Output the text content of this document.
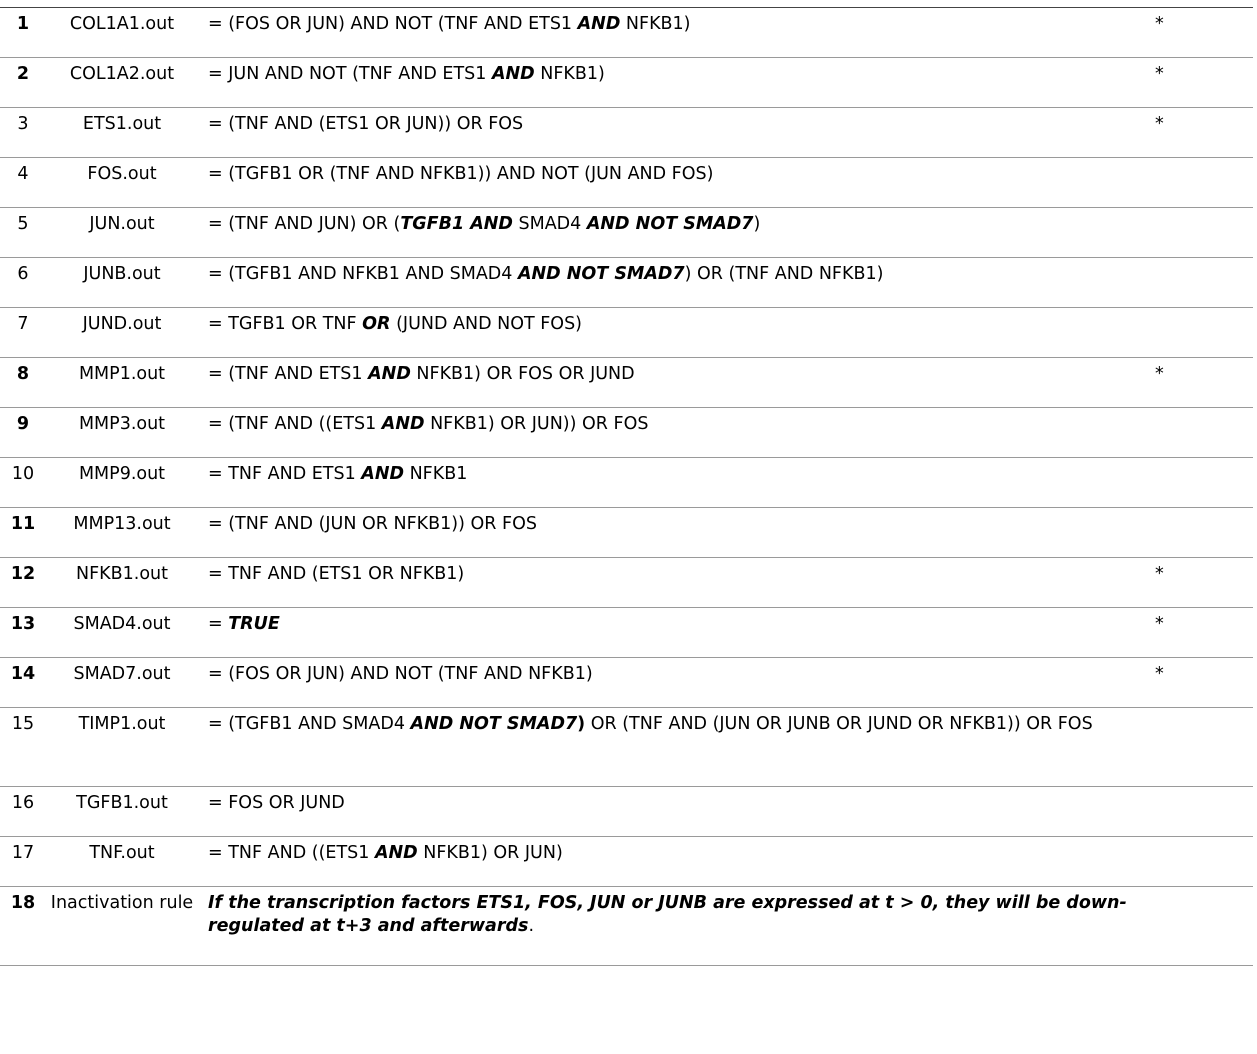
1	COL1A1.out	= (FOS OR JUN) AND NOT (TNF AND ETS1 AND NFKB1)	*
2	COL1A2.out	= JUN AND NOT (TNF AND ETS1 AND NFKB1)	*
3	ETS1.out	= (TNF AND (ETS1 OR JUN)) OR FOS	*
4	FOS.out	= (TGFB1 OR (TNF AND NFKB1)) AND NOT (JUN AND FOS)	
5	JUN.out	= (TNF AND JUN) OR (TGFB1 AND SMAD4 AND NOT SMAD7)	
6	JUNB.out	= (TGFB1 AND NFKB1 AND SMAD4 AND NOT SMAD7) OR (TNF AND NFKB1)	
7	JUND.out	= TGFB1 OR TNF OR (JUND AND NOT FOS)	
8	MMP1.out	= (TNF AND ETS1 AND NFKB1) OR FOS OR JUND	*
9	MMP3.out	= (TNF AND ((ETS1 AND NFKB1) OR JUN)) OR FOS	
10	MMP9.out	= TNF AND ETS1 AND NFKB1	
11	MMP13.out	= (TNF AND (JUN OR NFKB1)) OR FOS	
12	NFKB1.out	= TNF AND (ETS1 OR NFKB1)	*
13	SMAD4.out	= TRUE	*
14	SMAD7.out	= (FOS OR JUN) AND NOT (TNF AND NFKB1)	*
15	TIMP1.out	= (TGFB1 AND SMAD4 AND NOT SMAD7) OR (TNF AND (JUN OR JUNB OR JUND OR NFKB1)) OR FOS	
16	TGFB1.out	= FOS OR JUND	
17	TNF.out	= TNF AND ((ETS1 AND NFKB1) OR JUN)	
18	Inactivation rule	If the transcription factors ETS1, FOS, JUN or JUNB are expressed at t > 0, they will be down-regulated at t+3 and afterwards.	
